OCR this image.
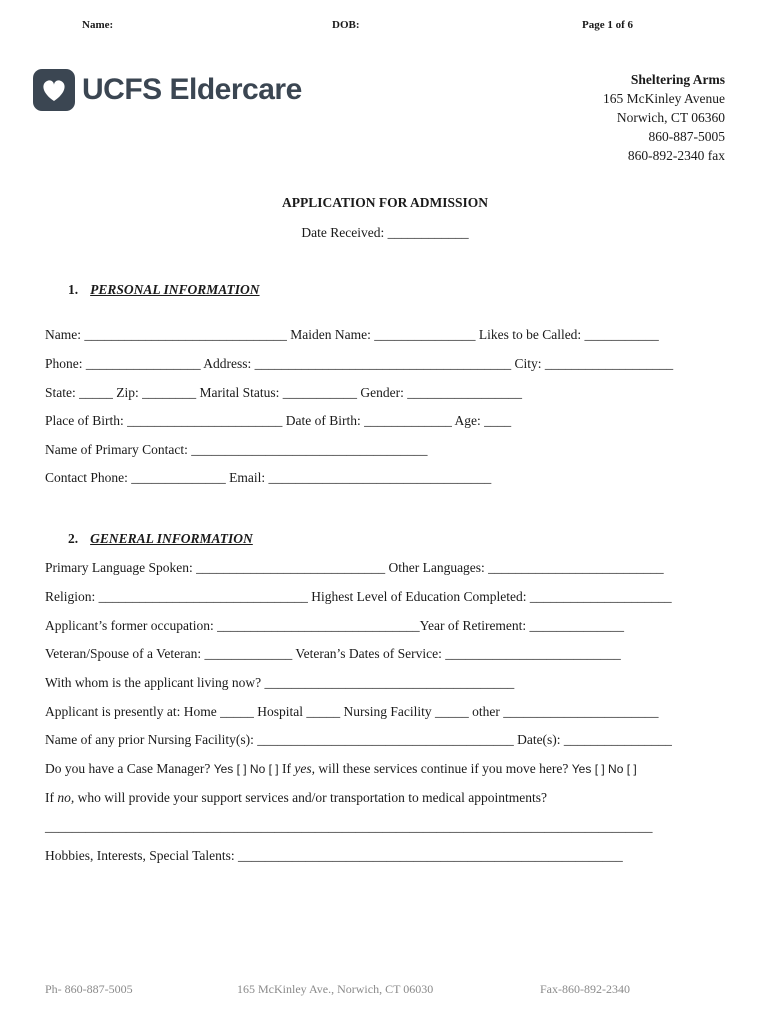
Name:	DOB:	Page 1 of 6
UCFS Eldercare	Sheltering Arms
165 McKinley Avenue
Norwich, CT 06360
860-887-5005
860-892-2340 fax
APPLICATION FOR ADMISSION
Date Received: ____________
1. PERSONAL INFORMATION
Name: ______________________________ Maiden Name: _______________ Likes to be Called: ___________
Phone: _________________ Address: ______________________________________ City: ___________________
State: _____ Zip: ________ Marital Status: ___________ Gender: _________________
Place of Birth: _______________________ Date of Birth: _____________ Age: ____
Name of Primary Contact: ___________________________________
Contact Phone: ______________ Email: _________________________________
2. GENERAL INFORMATION
Primary Language Spoken: ____________________________ Other Languages: __________________________
Religion: _______________________________ Highest Level of Education Completed: _____________________
Applicant’s former occupation: ______________________________Year of Retirement: ______________
Veteran/Spouse of a Veteran: _____________ Veteran’s Dates of Service: __________________________
With whom is the applicant living now? _____________________________________
Applicant is presently at: Home _____ Hospital _____ Nursing Facility _____ other _______________________
Name of any prior Nursing Facility(s): ______________________________________ Date(s): ________________
Do you have a Case Manager? Yes [ ] No [ ] If yes, will these services continue if you move here? Yes [ ] No [ ]
If no, who will provide your support services and/or transportation to medical appointments?
__________________________________________________________________________________________
Hobbies, Interests, Special Talents: _________________________________________________________
Ph- 860-887-5005	165 McKinley Ave., Norwich, CT 06030	Fax-860-892-2340
